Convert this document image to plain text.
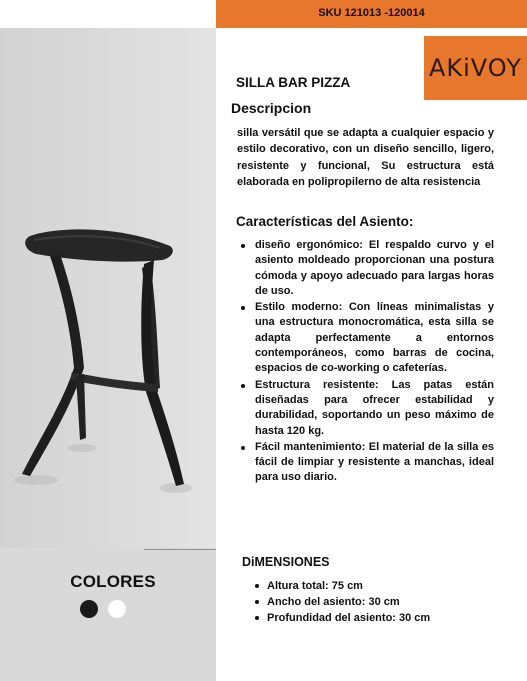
COLORES
SKU 121013 -120014
AKiVOY
SILLA BAR PIZZA
Descripcion
silla versátil que se adapta a cualquier espacio y estilo decorativo, con un diseño sencillo, ligero, resistente y funcional, Su estructura está elaborada en polipropilerno de alta resistencia
Características del Asiento:
diseño ergonómico: El respaldo curvo y el asiento moldeado proporcionan una postura cómoda y apoyo adecuado para largas horas de uso.
Estilo moderno: Con líneas minimalistas y una estructura monocromática, esta silla se adapta perfectamente a entornos contemporáneos, como barras de cocina, espacios de co-working o cafeterías.
Estructura resistente: Las patas están diseñadas para ofrecer estabilidad y durabilidad, soportando un peso máximo de hasta 120 kg.
Fácil mantenimiento: El material de la silla es fácil de limpiar y resistente a manchas, ideal para uso diario.
DiMENSIONES
Altura total: 75 cm
Ancho del asiento: 30 cm
Profundidad del asiento: 30 cm
